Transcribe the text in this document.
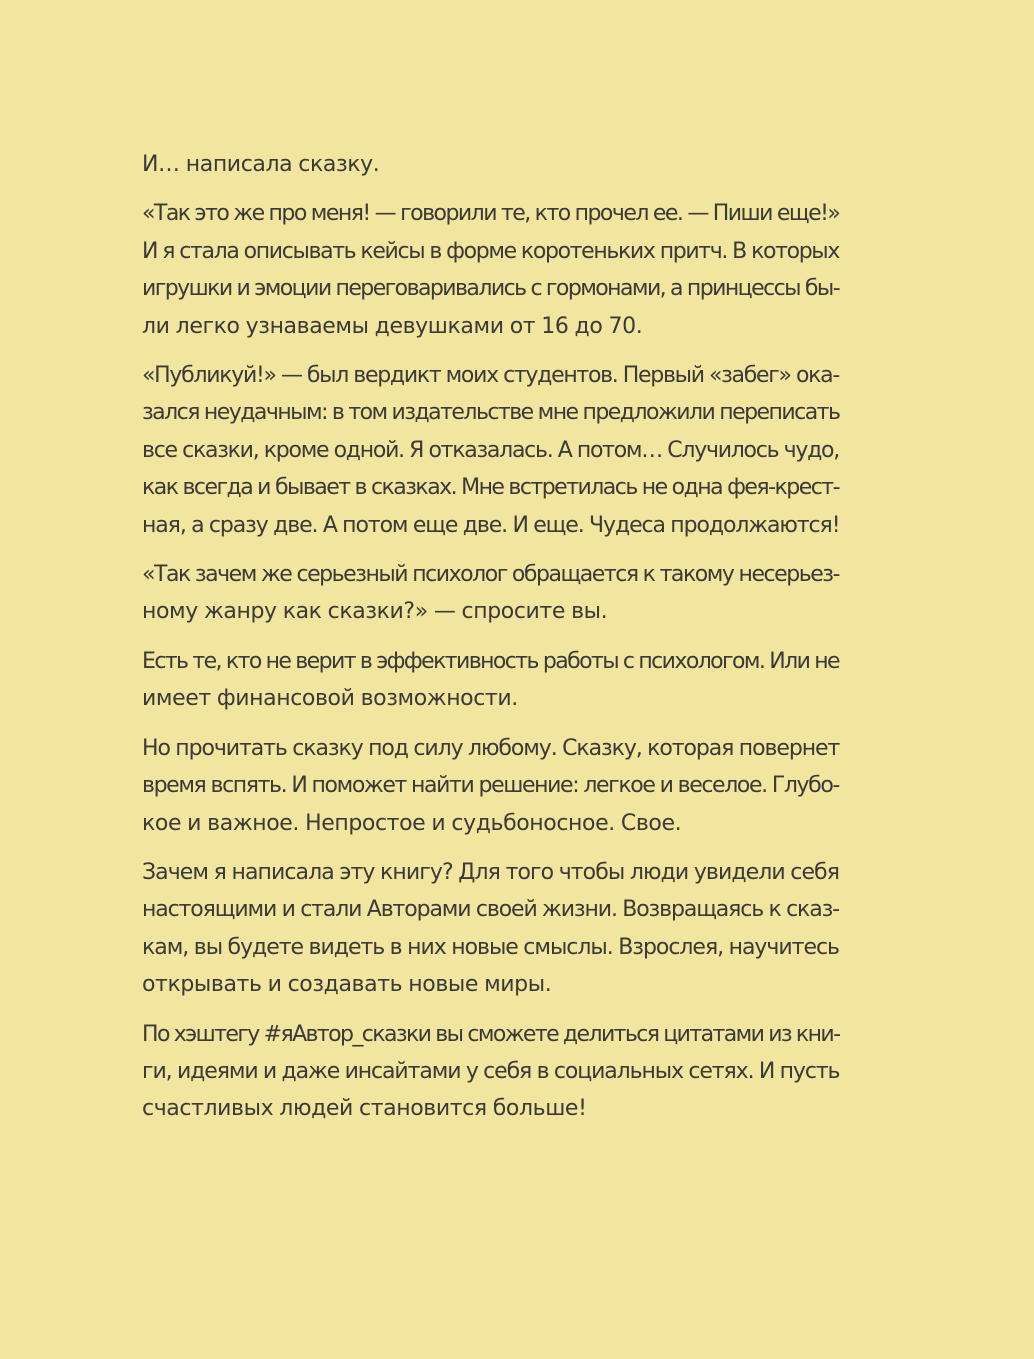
И… написала сказку.

«Так это же про меня! — говорили те, кто прочел ее. — Пиши еще!»
И я стала описывать кейсы в форме коротеньких притч. В которых
игрушки и эмоции переговаривались с гормонами, а принцессы бы-
ли легко узнаваемы девушками от 16 до 70.

«Публикуй!» — был вердикт моих студентов. Первый «забег» ока-
зался неудачным: в том издательстве мне предложили переписать
все сказки, кроме одной. Я отказалась. А потом… Случилось чудо,
как всегда и бывает в сказках. Мне встретилась не одна фея-крест-
ная, а сразу две. А потом еще две. И еще. Чудеса продолжаются!

«Так зачем же серьезный психолог обращается к такому несерьез-
ному жанру как сказки?» — спросите вы.

Есть те, кто не верит в эффективность работы с психологом. Или не
имеет финансовой возможности.

Но прочитать сказку под силу любому. Сказку, которая повернет
время вспять. И поможет найти решение: легкое и веселое. Глубо-
кое и важное. Непростое и судьбоносное. Свое.

Зачем я написала эту книгу? Для того чтобы люди увидели себя
настоящими и стали Авторами своей жизни. Возвращаясь к сказ-
кам, вы будете видеть в них новые смыслы. Взрослея, научитесь
открывать и создавать новые миры.

По хэштегу #яАвтор_сказки вы сможете делиться цитатами из кни-
ги, идеями и даже инсайтами у себя в социальных сетях. И пусть
счастливых людей становится больше!
